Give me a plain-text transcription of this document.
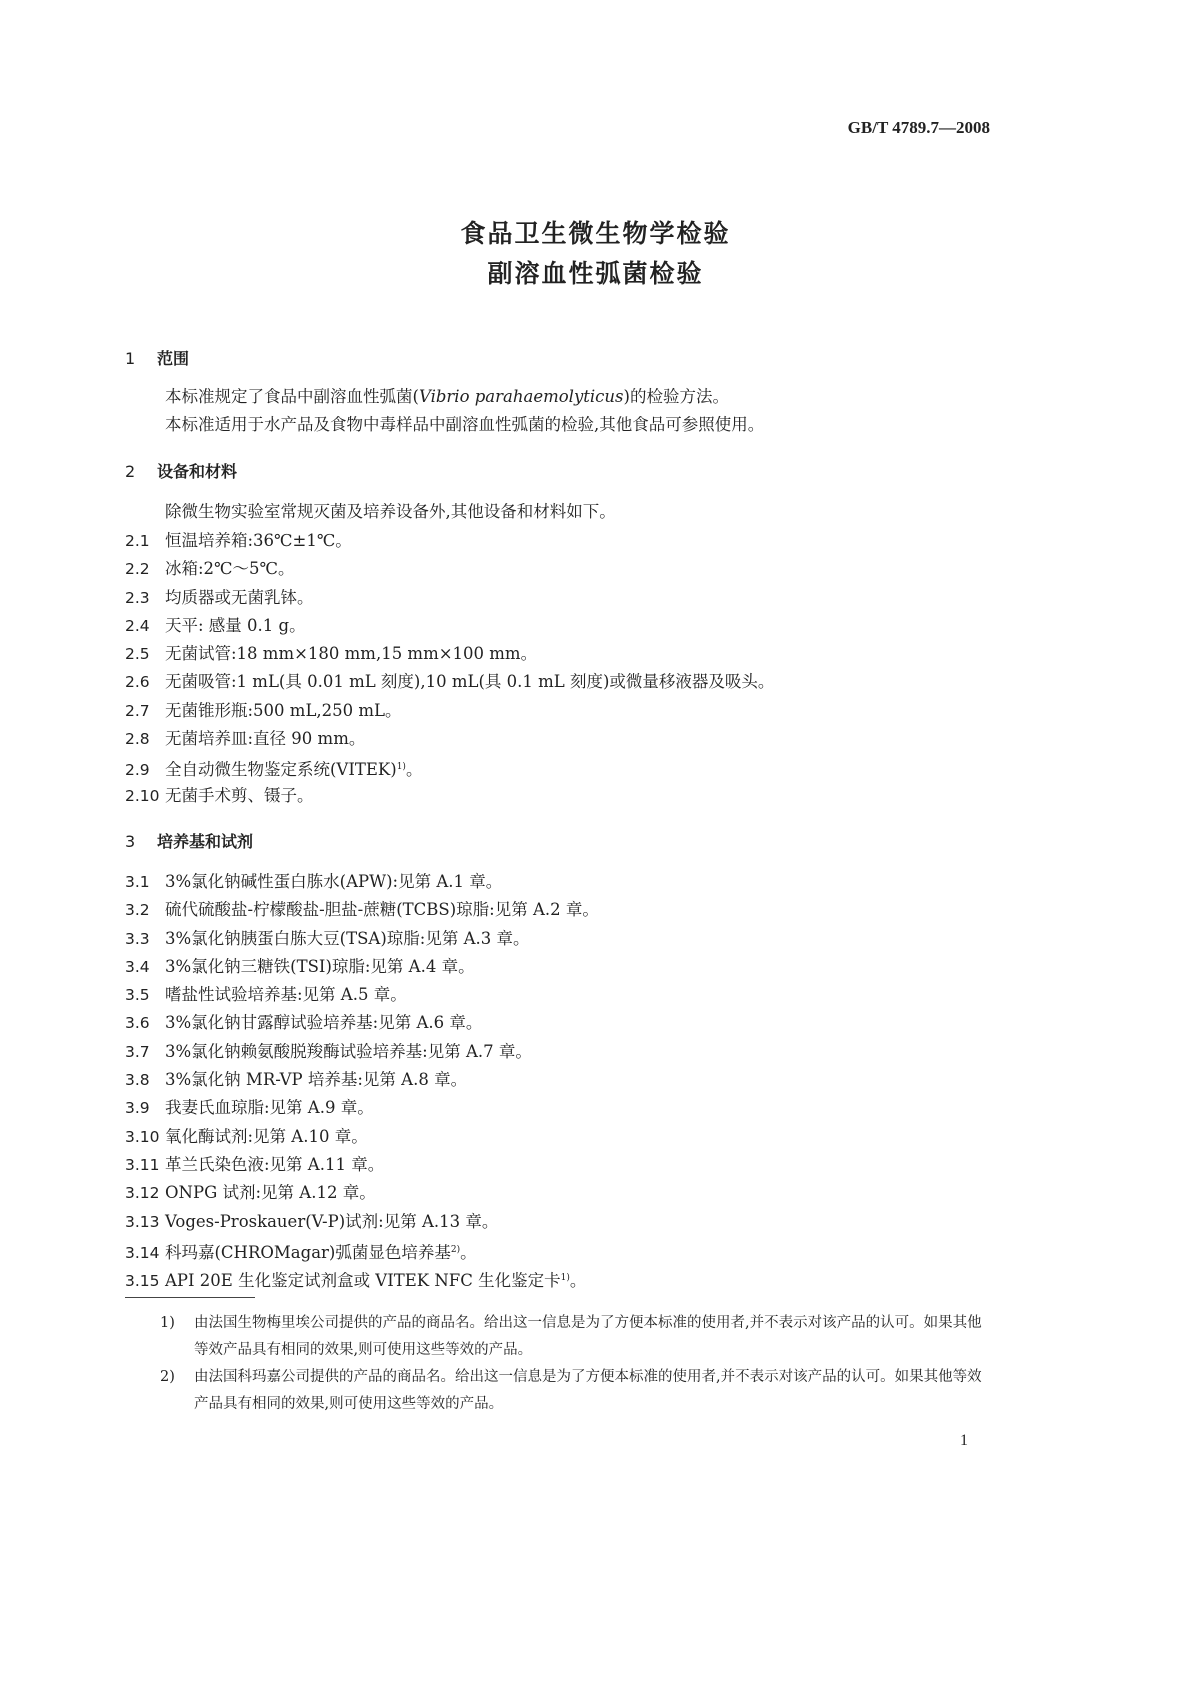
GB/T 4789.7—2008
食品卫生微生物学检验
副溶血性弧菌检验
1 范围
本标准规定了食品中副溶血性弧菌(Vibrio parahaemolyticus)的检验方法。
本标准适用于水产品及食物中毒样品中副溶血性弧菌的检验,其他食品可参照使用。
2 设备和材料
除微生物实验室常规灭菌及培养设备外,其他设备和材料如下。
2.1 恒温培养箱:36℃±1℃。
2.2 冰箱:2℃～5℃。
2.3 均质器或无菌乳钵。
2.4 天平: 感量 0.1 g。
2.5 无菌试管:18 mm×180 mm,15 mm×100 mm。
2.6 无菌吸管:1 mL(具 0.01 mL 刻度),10 mL(具 0.1 mL 刻度)或微量移液器及吸头。
2.7 无菌锥形瓶:500 mL,250 mL。
2.8 无菌培养皿:直径 90 mm。
2.9 全自动微生物鉴定系统(VITEK)$^{1)}$。
2.10 无菌手术剪、镊子。
3 培养基和试剂
3.1 3%氯化钠碱性蛋白胨水(APW):见第 A.1 章。
3.2 硫代硫酸盐-柠檬酸盐-胆盐-蔗糖(TCBS)琼脂:见第 A.2 章。
3.3 3%氯化钠胰蛋白胨大豆(TSA)琼脂:见第 A.3 章。
3.4 3%氯化钠三糖铁(TSI)琼脂:见第 A.4 章。
3.5 嗜盐性试验培养基:见第 A.5 章。
3.6 3%氯化钠甘露醇试验培养基:见第 A.6 章。
3.7 3%氯化钠赖氨酸脱羧酶试验培养基:见第 A.7 章。
3.8 3%氯化钠 MR-VP 培养基:见第 A.8 章。
3.9 我妻氏血琼脂:见第 A.9 章。
3.10 氧化酶试剂:见第 A.10 章。
3.11 革兰氏染色液:见第 A.11 章。
3.12 ONPG 试剂:见第 A.12 章。
3.13 Voges-Proskauer(V-P)试剂:见第 A.13 章。
3.14 科玛嘉(CHROMagar)弧菌显色培养基$^{2)}$。
3.15 API 20E 生化鉴定试剂盒或 VITEK NFC 生化鉴定卡$^{1)}$。
1) 由法国生物梅里埃公司提供的产品的商品名。给出这一信息是为了方便本标准的使用者,并不表示对该产品的认可。如果其他等效产品具有相同的效果,则可使用这些等效的产品。
2) 由法国科玛嘉公司提供的产品的商品名。给出这一信息是为了方便本标准的使用者,并不表示对该产品的认可。如果其他等效产品具有相同的效果,则可使用这些等效的产品。
1
